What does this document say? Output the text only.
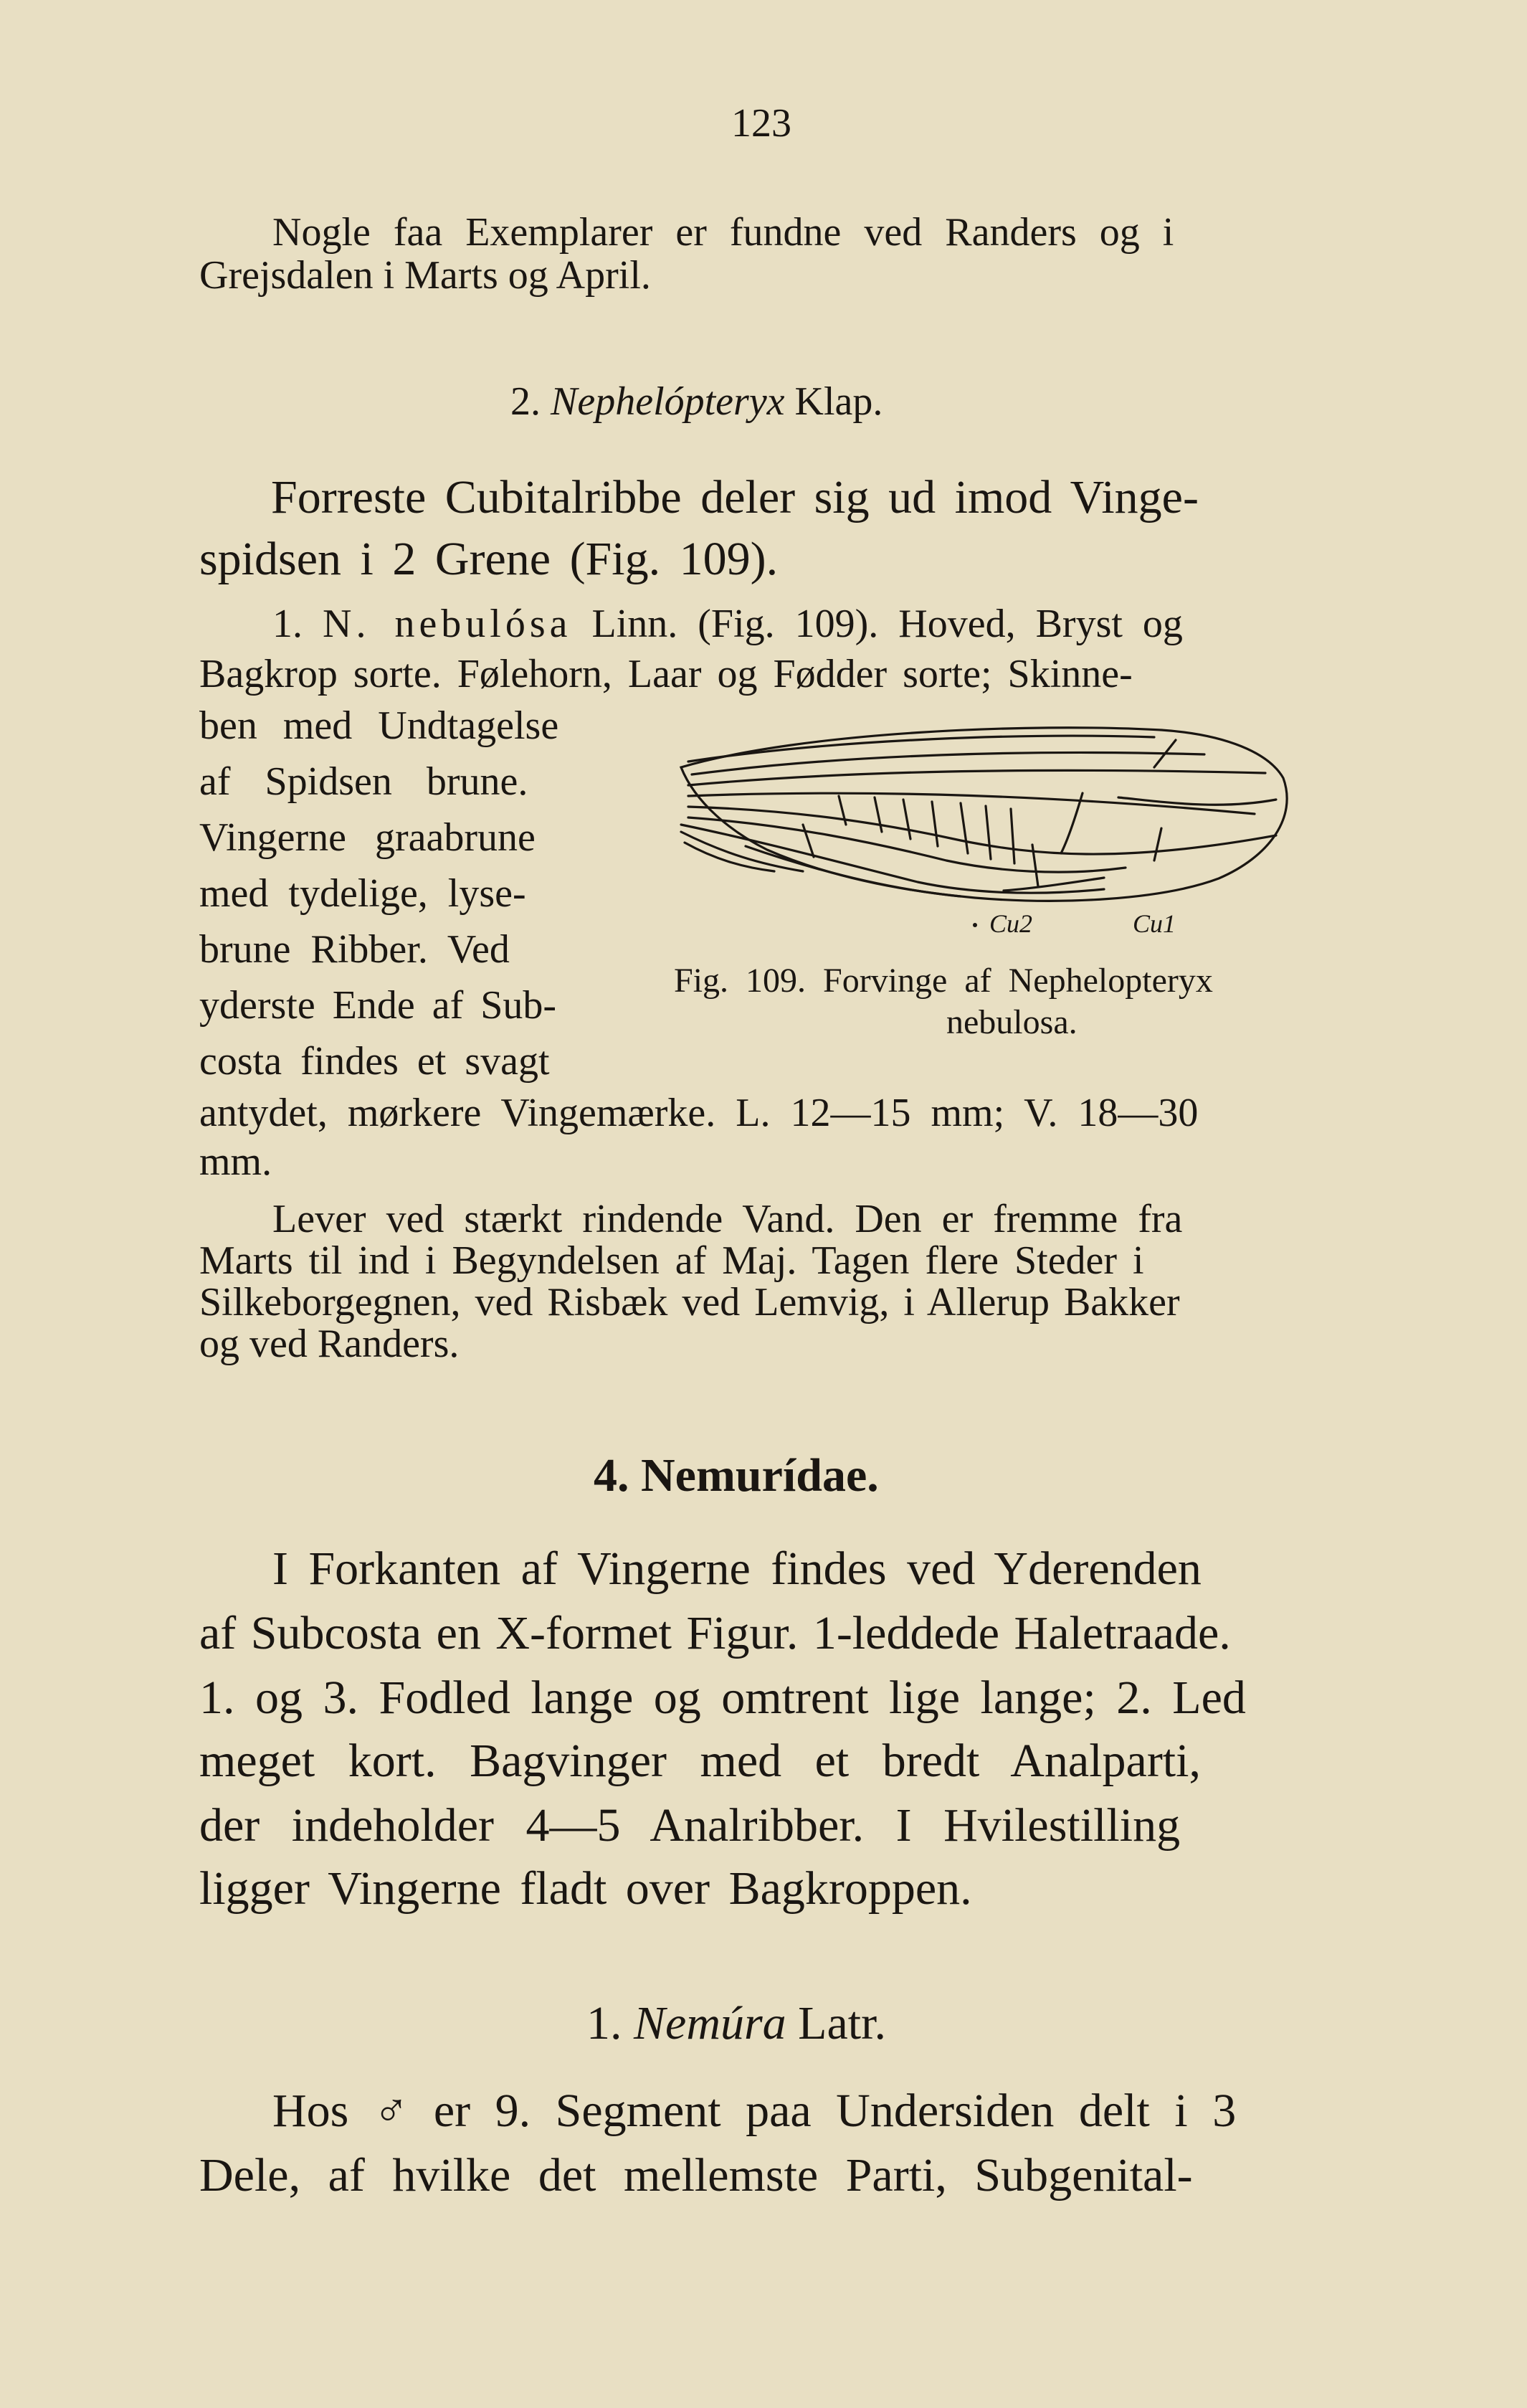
123
Nogle faa Exemplarer er fundne ved Randers og i
Grejsdalen i Marts og April.
2. Nephelópteryx Klap.
Forreste Cubitalribbe deler sig ud imod Vinge-
spidsen i 2 Grene (Fig. 109).
1. N. nebulósa Linn. (Fig. 109). Hoved, Bryst og
Bagkrop sorte. Følehorn, Laar og Fødder sorte; Skinne-
ben med Undtagelse
af Spidsen brune.
Vingerne graabrune
med tydelige, lyse-
brune Ribber. Ved
yderste Ende af Sub-
costa findes et svagt
Cu2	Cu1
Fig. 109. Forvinge af Nephelopteryx
nebulosa.
antydet, mørkere Vingemærke. L. 12—15 mm; V. 18—30
mm.
Lever ved stærkt rindende Vand. Den er fremme fra
Marts til ind i Begyndelsen af Maj. Tagen flere Steder i
Silkeborgegnen, ved Risbæk ved Lemvig, i Allerup Bakker
og ved Randers.
4. Nemurídae.
I Forkanten af Vingerne findes ved Yderenden
af Subcosta en X-formet Figur. 1-leddede Haletraade.
1. og 3. Fodled lange og omtrent lige lange; 2. Led
meget kort. Bagvinger med et bredt Analparti,
der indeholder 4—5 Analribber. I Hvilestilling
ligger Vingerne fladt over Bagkroppen.
1. Nemúra Latr.
Hos ♂ er 9. Segment paa Undersiden delt i 3
Dele, af hvilke det mellemste Parti, Subgenital-
